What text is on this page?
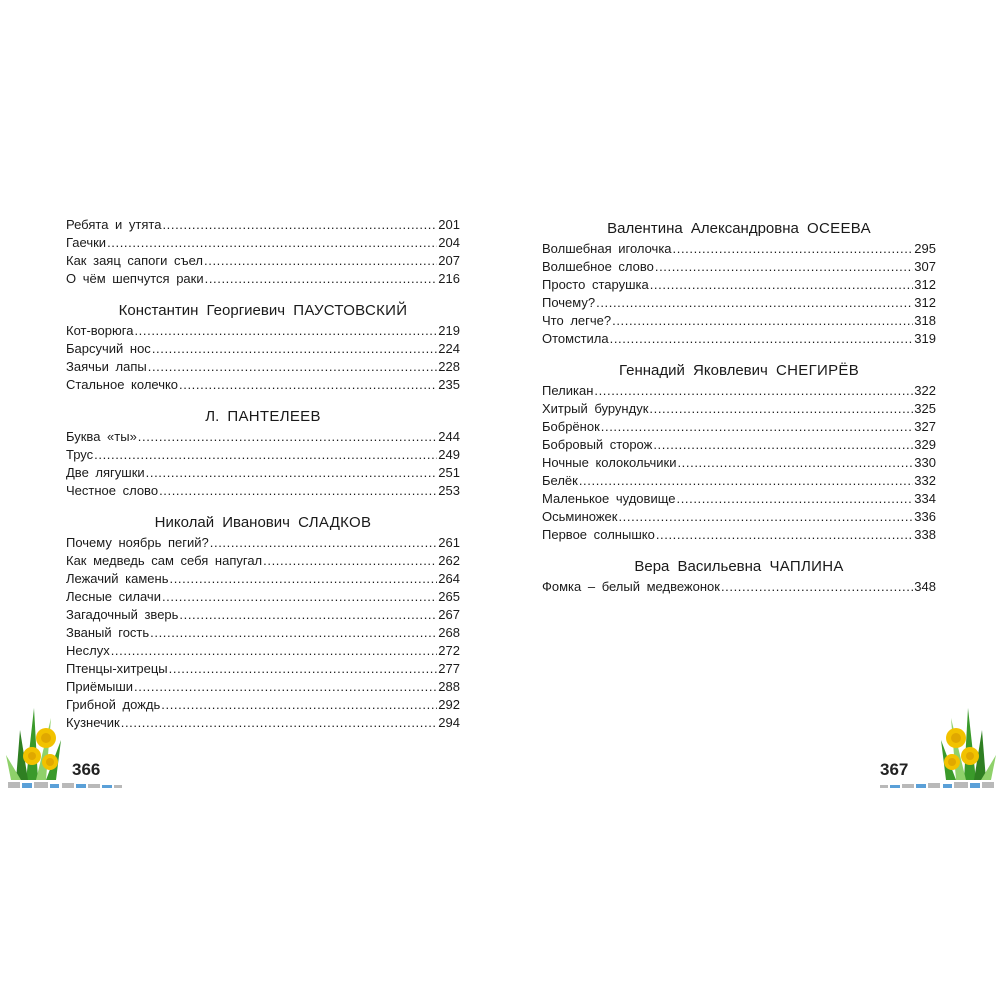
Ребята и утята .....	201
Гаечки .....	204
Как заяц сапоги съел .....	207
О чём шепчутся раки .....	216
Константин Георгиевич ПАУСТОВСКИЙ
Кот-ворюга .....	219
Барсучий нос .....	224
Заячьи лапы .....	228
Стальное колечко .....	235
Л. ПАНТЕЛЕЕВ
Буква «ты» .....	244
Трус .....	249
Две лягушки .....	251
Честное слово .....	253
Николай Иванович СЛАДКОВ
Почему ноябрь пегий? .....	261
Как медведь сам себя напугал .....	262
Лежачий камень .....	264
Лесные силачи .....	265
Загадочный зверь .....	267
Званый гость .....	268
Неслух .....	272
Птенцы-хитрецы .....	277
Приёмыши .....	288
Грибной дождь .....	292
Кузнечик .....	294
Валентина Александровна ОСЕЕВА
Волшебная иголочка .....	295
Волшебное слово .....	307
Просто старушка .....	312
Почему? .....	312
Что легче? .....	318
Отомстила .....	319
Геннадий Яковлевич СНЕГИРЁВ
Пеликан .....	322
Хитрый бурундук .....	325
Бобрёнок .....	327
Бобровый сторож .....	329
Ночные колокольчики .....	330
Белёк .....	332
Маленькое чудовище .....	334
Осьминожек .....	336
Первое солнышко .....	338
Вера Васильевна ЧАПЛИНА
Фомка – белый медвежонок .....	348
366	367
